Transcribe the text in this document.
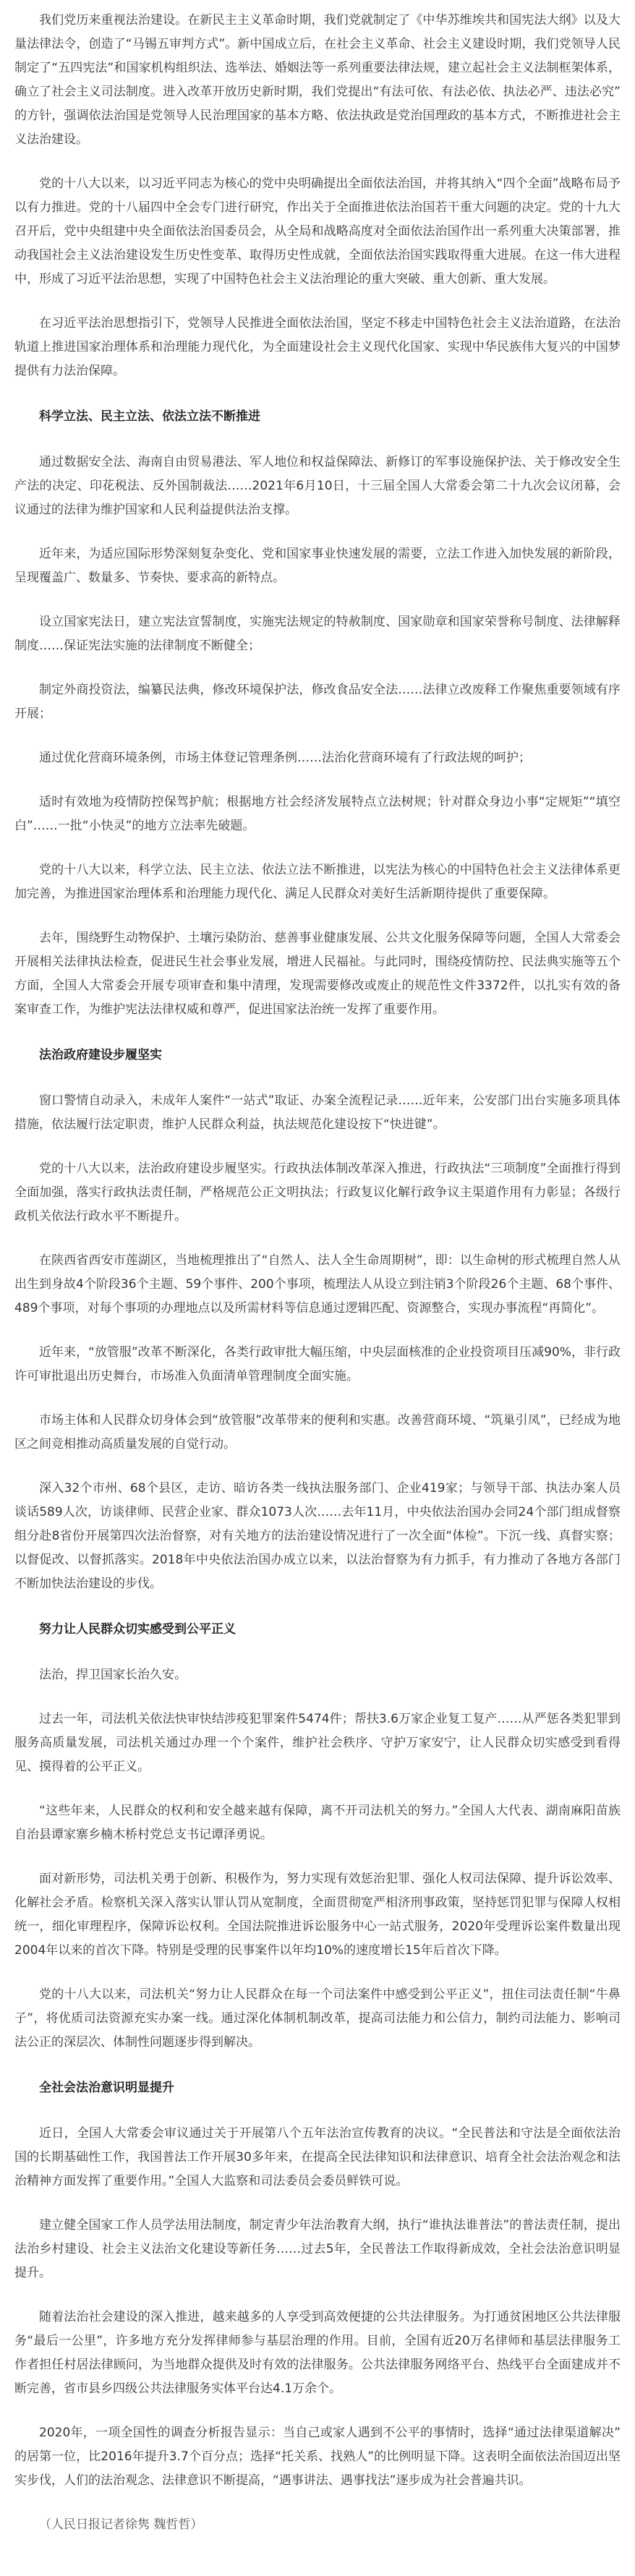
我们党历来重视法治建设。在新民主主义革命时期，我们党就制定了《中华苏维埃共和国宪法大纲》以及大量法律法令，创造了“马锡五审判方式”。新中国成立后，在社会主义革命、社会主义建设时期，我们党领导人民制定了“五四宪法”和国家机构组织法、选举法、婚姻法等一系列重要法律法规，建立起社会主义法制框架体系，确立了社会主义司法制度。进入改革开放历史新时期，我们党提出“有法可依、有法必依、执法必严、违法必究”的方针，强调依法治国是党领导人民治理国家的基本方略、依法执政是党治国理政的基本方式，不断推进社会主义法治建设。

党的十八大以来，以习近平同志为核心的党中央明确提出全面依法治国，并将其纳入“四个全面”战略布局予以有力推进。党的十八届四中全会专门进行研究，作出关于全面推进依法治国若干重大问题的决定。党的十九大召开后，党中央组建中央全面依法治国委员会，从全局和战略高度对全面依法治国作出一系列重大决策部署，推动我国社会主义法治建设发生历史性变革、取得历史性成就，全面依法治国实践取得重大进展。在这一伟大进程中，形成了习近平法治思想，实现了中国特色社会主义法治理论的重大突破、重大创新、重大发展。

在习近平法治思想指引下，党领导人民推进全面依法治国，坚定不移走中国特色社会主义法治道路，在法治轨道上推进国家治理体系和治理能力现代化，为全面建设社会主义现代化国家、实现中华民族伟大复兴的中国梦提供有力法治保障。

科学立法、民主立法、依法立法不断推进

通过数据安全法、海南自由贸易港法、军人地位和权益保障法、新修订的军事设施保护法、关于修改安全生产法的决定、印花税法、反外国制裁法……2021年6月10日，十三届全国人大常委会第二十九次会议闭幕，会议通过的法律为维护国家和人民利益提供法治支撑。

近年来，为适应国际形势深刻复杂变化、党和国家事业快速发展的需要，立法工作进入加快发展的新阶段，呈现覆盖广、数量多、节奏快、要求高的新特点。

设立国家宪法日，建立宪法宣誓制度，实施宪法规定的特赦制度、国家勋章和国家荣誉称号制度、法律解释制度……保证宪法实施的法律制度不断健全；

制定外商投资法，编纂民法典，修改环境保护法，修改食品安全法……法律立改废释工作聚焦重要领域有序开展；

通过优化营商环境条例，市场主体登记管理条例……法治化营商环境有了行政法规的呵护；

适时有效地为疫情防控保驾护航；根据地方社会经济发展特点立法树规；针对群众身边小事“定规矩”“填空白”……一批“小快灵”的地方立法率先破题。

党的十八大以来，科学立法、民主立法、依法立法不断推进，以宪法为核心的中国特色社会主义法律体系更加完善，为推进国家治理体系和治理能力现代化、满足人民群众对美好生活新期待提供了重要保障。

去年，围绕野生动物保护、土壤污染防治、慈善事业健康发展、公共文化服务保障等问题，全国人大常委会开展相关法律执法检查，促进民生社会事业发展，增进人民福祉。与此同时，围绕疫情防控、民法典实施等五个方面，全国人大常委会开展专项审查和集中清理，发现需要修改或废止的规范性文件3372件，以扎实有效的备案审查工作，为维护宪法法律权威和尊严，促进国家法治统一发挥了重要作用。

法治政府建设步履坚实

窗口警情自动录入，未成年人案件“一站式”取证、办案全流程记录……近年来，公安部门出台实施多项具体措施，依法履行法定职责，维护人民群众利益，执法规范化建设按下“快进键”。

党的十八大以来，法治政府建设步履坚实。行政执法体制改革深入推进，行政执法“三项制度”全面推行得到全面加强，落实行政执法责任制，严格规范公正文明执法；行政复议化解行政争议主渠道作用有力彰显；各级行政机关依法行政水平不断提升。

在陕西省西安市莲湖区，当地梳理推出了“自然人、法人全生命周期树”，即：以生命树的形式梳理自然人从出生到身故4个阶段36个主题、59个事件、200个事项，梳理法人从设立到注销3个阶段26个主题、68个事件、489个事项，对每个事项的办理地点以及所需材料等信息通过逻辑匹配、资源整合，实现办事流程“再简化”。

近年来，“放管服”改革不断深化，各类行政审批大幅压缩，中央层面核准的企业投资项目压减90%，非行政许可审批退出历史舞台，市场准入负面清单管理制度全面实施。

市场主体和人民群众切身体会到“放管服”改革带来的便利和实惠。改善营商环境、“筑巢引凤”，已经成为地区之间竞相推动高质量发展的自觉行动。

深入32个市州、68个县区，走访、暗访各类一线执法服务部门、企业419家；与领导干部、执法办案人员谈话589人次，访谈律师、民营企业家、群众1073人次……去年11月，中央依法治国办会同24个部门组成督察组分赴8省份开展第四次法治督察，对有关地方的法治建设情况进行了一次全面“体检”。下沉一线、真督实察；以督促改、以督抓落实。2018年中央依法治国办成立以来，以法治督察为有力抓手，有力推动了各地方各部门不断加快法治建设的步伐。

努力让人民群众切实感受到公平正义

法治，捍卫国家长治久安。

过去一年，司法机关依法快审快结涉疫犯罪案件5474件；帮扶3.6万家企业复工复产……从严惩各类犯罪到服务高质量发展，司法机关通过办理一个个案件，维护社会秩序、守护万家安宁，让人民群众切实感受到看得见、摸得着的公平正义。

“这些年来，人民群众的权利和安全越来越有保障，离不开司法机关的努力。”全国人大代表、湖南麻阳苗族自治县谭家寨乡楠木桥村党总支书记谭泽勇说。

面对新形势，司法机关勇于创新、积极作为，努力实现有效惩治犯罪、强化人权司法保障、提升诉讼效率、化解社会矛盾。检察机关深入落实认罪认罚从宽制度，全面贯彻宽严相济刑事政策，坚持惩罚犯罪与保障人权相统一，细化审理程序，保障诉讼权利。全国法院推进诉讼服务中心一站式服务，2020年受理诉讼案件数量出现2004年以来的首次下降。特别是受理的民事案件以年均10%的速度增长15年后首次下降。

党的十八大以来，司法机关“努力让人民群众在每一个司法案件中感受到公平正义”，扭住司法责任制“牛鼻子”，将优质司法资源充实办案一线。通过深化体制机制改革，提高司法能力和公信力，制约司法能力、影响司法公正的深层次、体制性问题逐步得到解决。

全社会法治意识明显提升

近日，全国人大常委会审议通过关于开展第八个五年法治宣传教育的决议。“全民普法和守法是全面依法治国的长期基础性工作，我国普法工作开展30多年来，在提高全民法律知识和法律意识、培育全社会法治观念和法治精神方面发挥了重要作用。”全国人大监察和司法委员会委员鲜铁可说。

建立健全国家工作人员学法用法制度，制定青少年法治教育大纲，执行“谁执法谁普法”的普法责任制，提出法治乡村建设、社会主义法治文化建设等新任务……过去5年，全民普法工作取得新成效，全社会法治意识明显提升。

随着法治社会建设的深入推进，越来越多的人享受到高效便捷的公共法律服务。为打通贫困地区公共法律服务“最后一公里”，许多地方充分发挥律师参与基层治理的作用。目前，全国有近20万名律师和基层法律服务工作者担任村居法律顾问，为当地群众提供及时有效的法律服务。公共法律服务网络平台、热线平台全面建成并不断完善，省市县乡四级公共法律服务实体平台达4.1万余个。

2020年，一项全国性的调查分析报告显示：当自己或家人遇到不公平的事情时，选择“通过法律渠道解决”的居第一位，比2016年提升3.7个百分点；选择“托关系、找熟人”的比例明显下降。这表明全面依法治国迈出坚实步伐，人们的法治观念、法律意识不断提高，“遇事讲法、遇事找法”逐步成为社会普遍共识。

（人民日报记者徐隽 魏哲哲）
